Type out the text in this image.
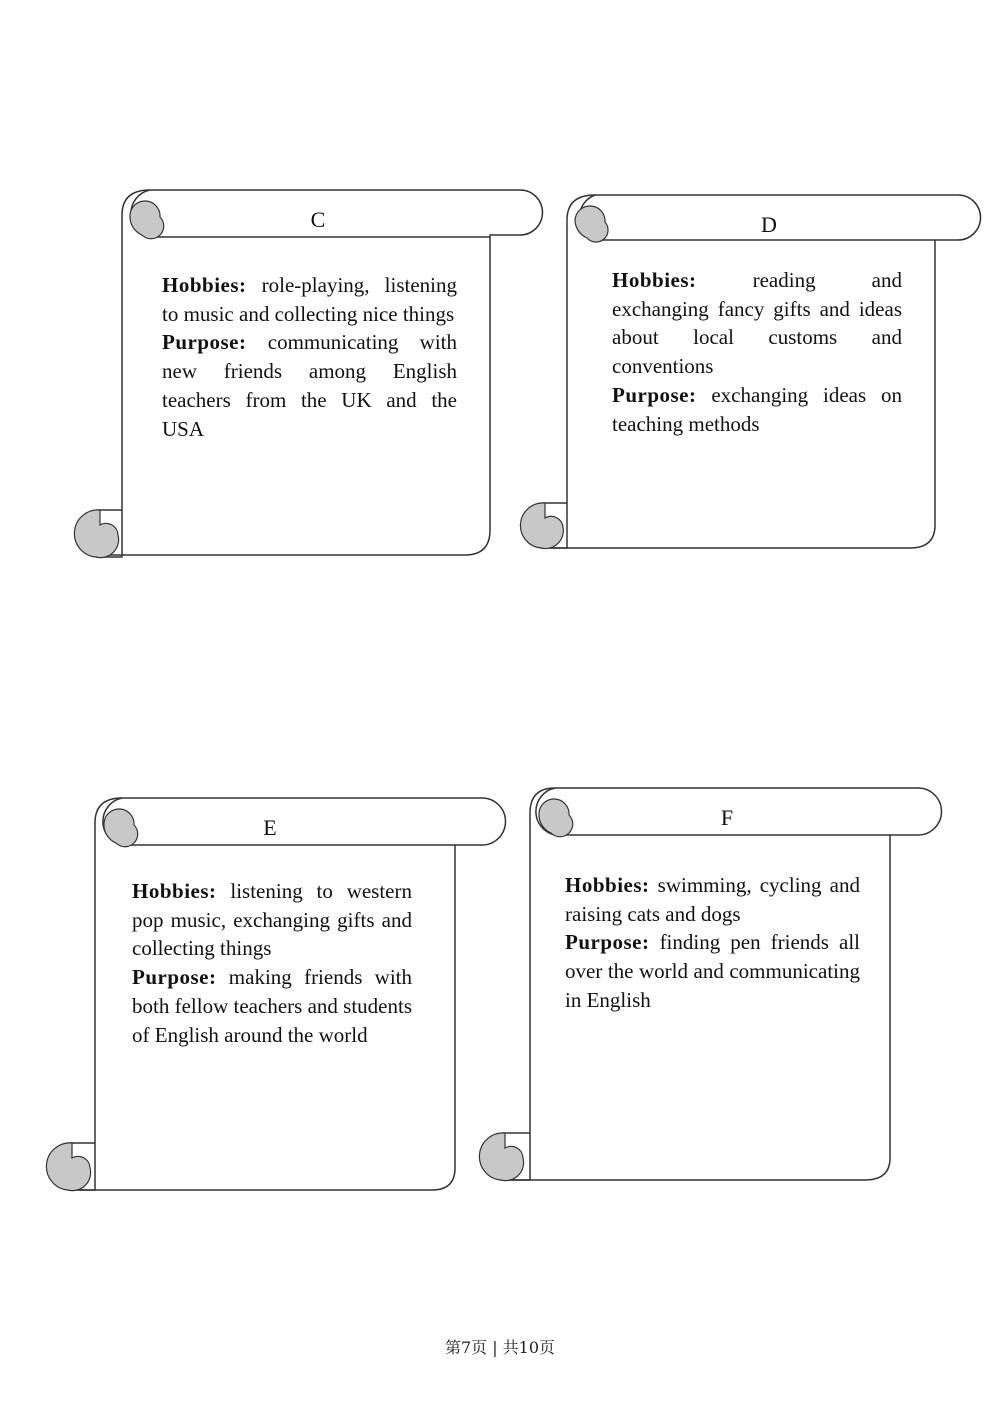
C

Hobbies: role-playing, listening to music and collecting nice things

Purpose: communicating with new friends among English teachers from the UK and the USA

D

Hobbies:	reading and exchanging fancy gifts and ideas about local customs and conventions

Purpose: exchanging ideas on teaching methods

E

Hobbies: listening to western pop music, exchanging gifts and collecting things

Purpose: making friends with both fellow teachers and students of English around the world

F

Hobbies: swimming, cycling and raising cats and dogs

Purpose: finding pen friends all over the world and communicating in English

第7页 | 共10页
